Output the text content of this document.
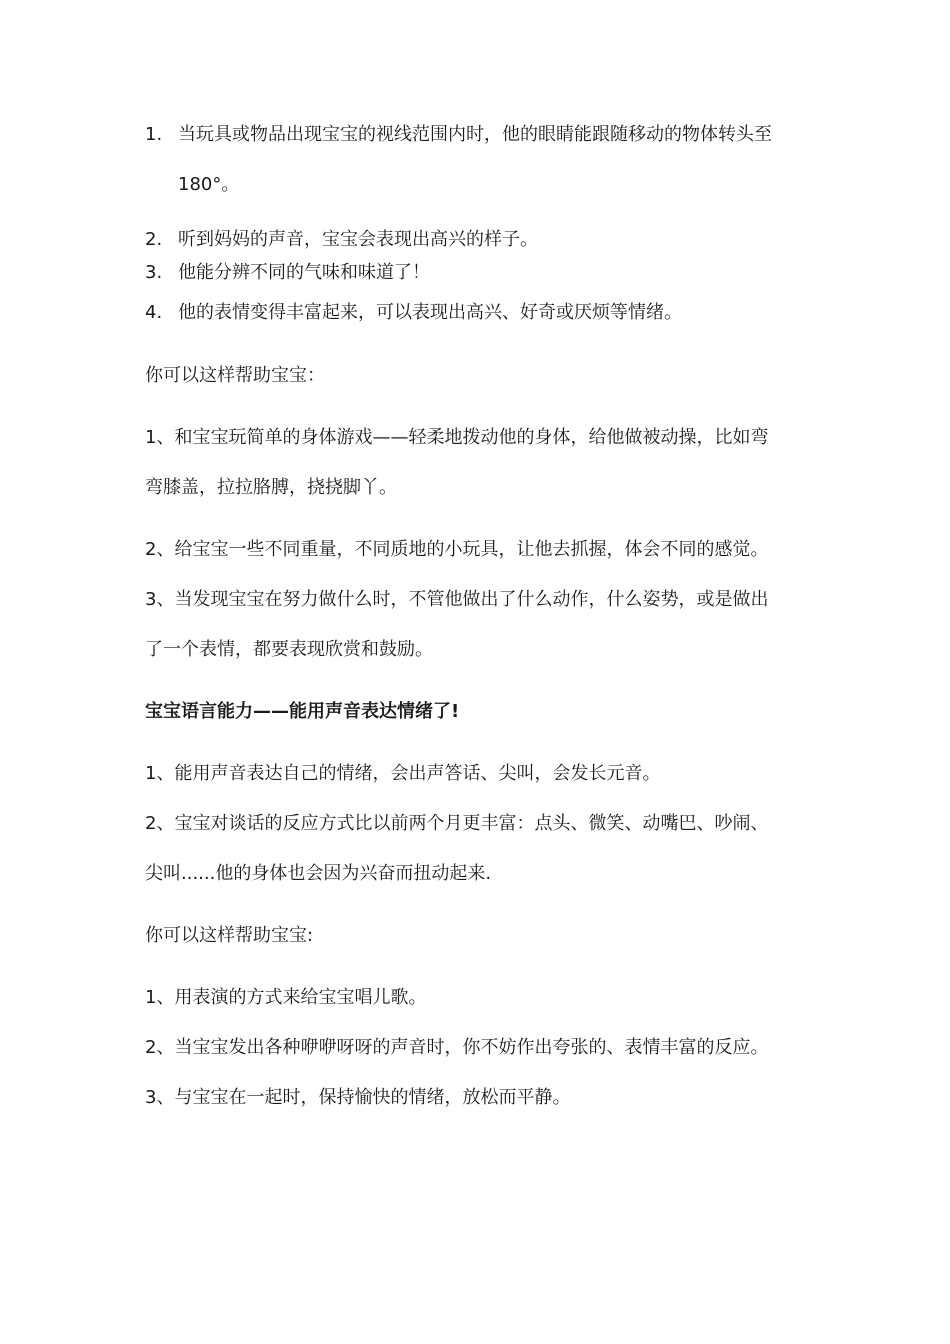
1. 当玩具或物品出现宝宝的视线范围内时，他的眼睛能跟随移动的物体转头至
180°。
2. 听到妈妈的声音，宝宝会表现出高兴的样子。
3. 他能分辨不同的气味和味道了！
4. 他的表情变得丰富起来，可以表现出高兴、好奇或厌烦等情绪。
你可以这样帮助宝宝：
1、和宝宝玩简单的身体游戏——轻柔地拨动他的身体，给他做被动操，比如弯
弯膝盖，拉拉胳膊，挠挠脚丫。
2、给宝宝一些不同重量，不同质地的小玩具，让他去抓握，体会不同的感觉。
3、当发现宝宝在努力做什么时，不管他做出了什么动作，什么姿势，或是做出
了一个表情，都要表现欣赏和鼓励。
宝宝语言能力——能用声音表达情绪了!
1、能用声音表达自己的情绪，会出声答话、尖叫，会发长元音。
2、宝宝对谈话的反应方式比以前两个月更丰富：点头、微笑、动嘴巴、吵闹、
尖叫......他的身体也会因为兴奋而扭动起来.
你可以这样帮助宝宝:
1、用表演的方式来给宝宝唱儿歌。
2、当宝宝发出各种咿咿呀呀的声音时，你不妨作出夸张的、表情丰富的反应。
3、与宝宝在一起时，保持愉快的情绪，放松而平静。
